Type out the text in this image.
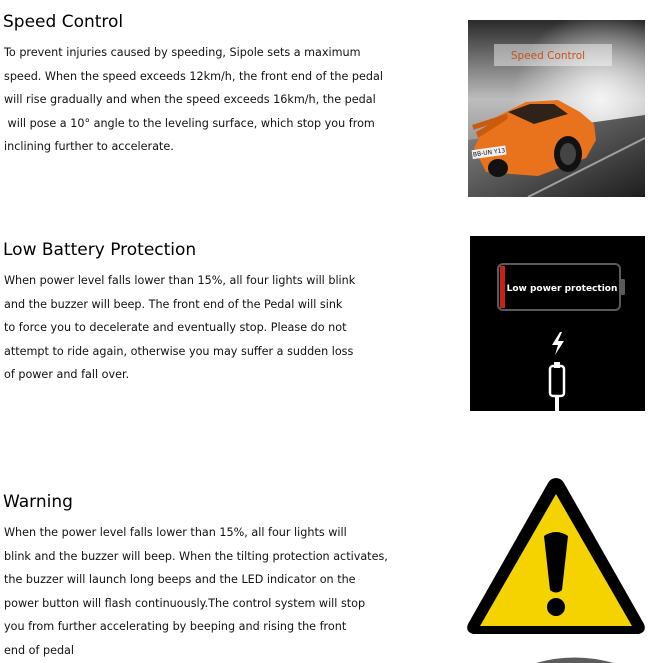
Speed Control
To prevent injuries caused by speeding, Sipole sets a maximum
speed. When the speed exceeds 12km/h, the front end of the pedal
will rise gradually and when the speed exceeds 16km/h, the pedal
will pose a 10° angle to the leveling surface, which stop you from
inclining further to accelerate.	BB-UN Y13
Speed Control
Low Battery Protection
When power level falls lower than 15%, all four lights will blink
and the buzzer will beep. The front end of the Pedal will sink
to force you to decelerate and eventually stop. Please do not
attempt to ride again, otherwise you may suffer a sudden loss
of power and fall over.
Low power protection
Warning
When the power level falls lower than 15%, all four lights will
blink and the buzzer will beep. When the tilting protection activates,
the buzzer will launch long beeps and the LED indicator on the
power button will flash continuously.The control system will stop
you from further accelerating by beeping and rising the front
end of pedal
